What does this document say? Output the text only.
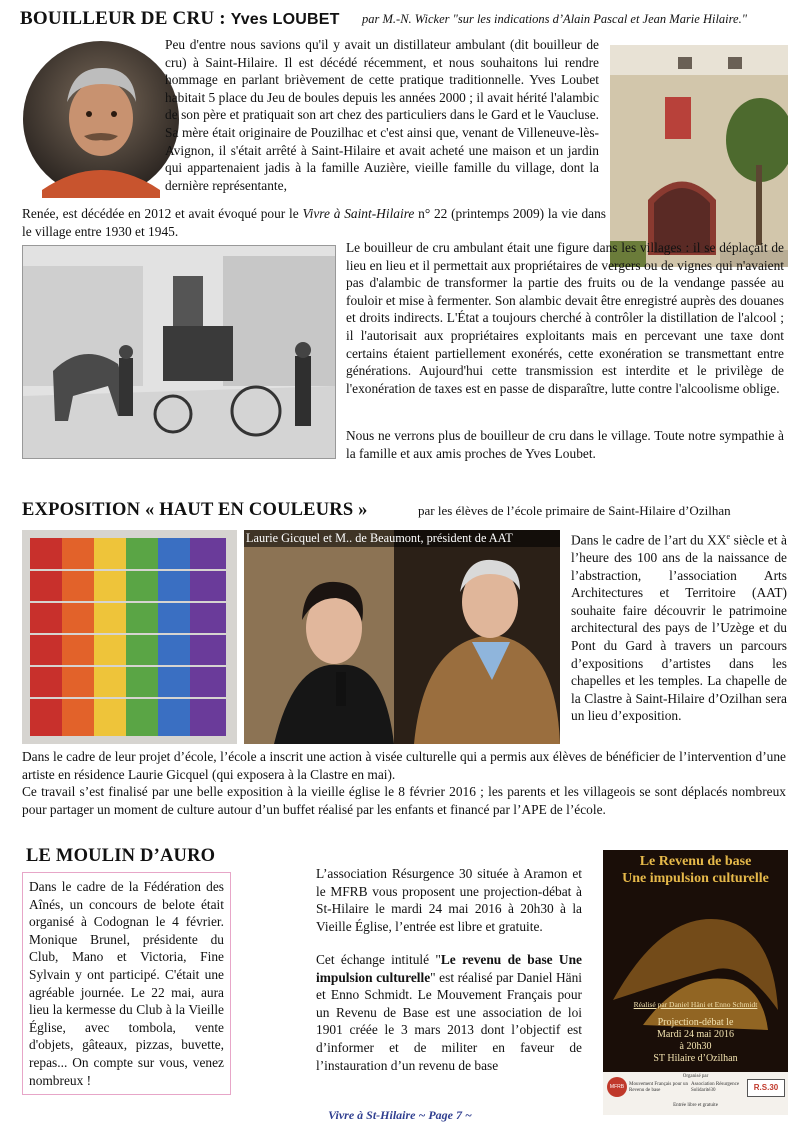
BOUILLEUR DE CRU : Yves LOUBET par M.-N. Wicker "sur les indications d’Alain Pascal et Jean Marie Hilaire."
Peu d'entre nous savions qu'il y avait un distillateur ambulant (dit bouilleur de cru) à Saint-Hilaire. Il est décédé récemment, et nous souhaitons lui rendre hommage en parlant brièvement de cette pratique traditionnelle. Yves Loubet habitait 5 place du Jeu de boules depuis les années 2000 ; il avait hérité l'alambic de son père et pratiquait son art chez des particuliers dans le Gard et le Vaucluse. Sa mère était originaire de Pouzilhac et c'est ainsi que, venant de Villeneuve-lès-Avignon, il s'était arrêté à Saint-Hilaire et avait acheté une maison et un jardin qui appartenaient jadis à la famille Auzière, vieille famille du village, dont la dernière représentante,
Renée, est décédée en 2012 et avait évoqué pour le Vivre à Saint-Hilaire n° 22 (printemps 2009) la vie dans le village entre 1930 et 1945.
Le bouilleur de cru ambulant était une figure dans les villages : il se déplaçait de lieu en lieu et il permettait aux propriétaires de vergers ou de vignes qui n'avaient pas d'alambic de transformer la partie des fruits ou de la vendange passée au fouloir et mise à fermenter. Son alambic devait être enregistré auprès des douanes et droits indirects. L'État a toujours cherché à contrôler la distillation de l'alcool ; il l'autorisait aux propriétaires exploitants mais en percevant une taxe dont certains étaient partiellement exonérés, cette exonération se transmettant entre générations. Aujourd'hui cette transmission est interdite et le privilège de l'exonération de taxes est en passe de disparaître, lutte contre l'alcoolisme oblige.
Nous ne verrons plus de bouilleur de cru dans le village. Toute notre sympathie à la famille et aux amis proches de Yves Loubet.
EXPOSITION « HAUT EN COULEURS »	par les élèves de l’école primaire de Saint-Hilaire d’Ozilhan
Laurie Gicquel et M.. de Beaumont, président de AAT	Dans le cadre de l’art du XXe siècle et à l’heure des 100 ans de la naissance de l’abstraction, l’association Arts Architectures et Territoire (AAT) souhaite faire découvrir le patrimoine architectural des pays de l’Uzège et du Pont du Gard à travers un parcours d’expositions d’artistes dans les chapelles et les temples. La chapelle de la Clastre à Saint-Hilaire d’Ozilhan sera un lieu d’exposition.
Dans le cadre de leur projet d’école, l’école a inscrit une action à visée culturelle qui a permis aux élèves de bénéficier de l’intervention d’une artiste en résidence Laurie Gicquel (qui exposera à la Clastre en mai).
Ce travail s’est finalisé par une belle exposition à la vieille église le 8 février 2016 ; les parents et les villageois se sont déplacés nombreux pour partager un moment de culture autour d’un buffet réalisé par les enfants et financé par l’APE de l’école.
LE MOULIN D’AURO
Dans le cadre de la Fédération des Aînés, un concours de belote était organisé à Codognan le 4 février. Monique Brunel, présidente du Club, Mano et Victoria, Fine Sylvain y ont participé. C'était une agréable journée. Le 22 mai, aura lieu la kermesse du Club à la Vieille Église, avec tombola, vente d'objets, gâteaux, pizzas, buvette, repas... On compte sur vous, venez nombreux !
L’association Résurgence 30 située à Aramon et le MFRB vous proposent une projection-débat à St-Hilaire le mardi 24 mai 2016 à 20h30 à la Vieille Église, l’entrée est libre et gratuite.
Cet échange intitulé "Le revenu de base Une impulsion culturelle" est réalisé par Daniel Häni et Enno Schmidt. Le Mouvement Français pour un Revenu de Base est une association de loi 1901 créée le 3 mars 2013 dont l’objectif est d’informer et de militer en faveur de l’instauration d’un revenu de base
Le Revenu de base
Une impulsion culturelle
Réalisé par Daniel Häni et Enno Schmidt
Projection-débat le
Mardi 24 mai 2016
à 20h30
ST Hilaire d’Ozilhan
Organisé par
MFRB Mouvement Français pour un Revenu de base
Association Résurgence Solidarité30	R.S.30
Entrée libre et gratuite
Vivre à St-Hilaire ~ Page 7 ~
